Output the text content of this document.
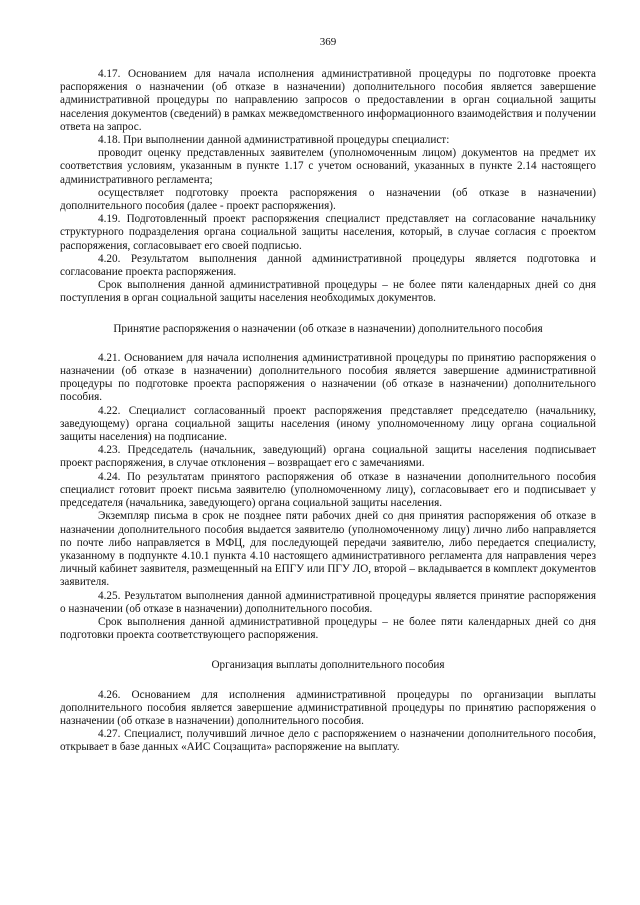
369

4.17. Основанием для начала исполнения административной процедуры по подготовке проекта распоряжения о назначении (об отказе в назначении) дополнительного пособия является завершение административной процедуры по направлению запросов о предоставлении в орган социальной защиты населения документов (сведений) в рамках межведомственного информационного взаимодействия и получении ответа на запрос.

4.18. При выполнении данной административной процедуры специалист:

проводит оценку представленных заявителем (уполномоченным лицом) документов на предмет их соответствия условиям, указанным в пункте 1.17 с учетом оснований, указанных в пункте 2.14 настоящего административного регламента;

осуществляет подготовку проекта распоряжения о назначении (об отказе в назначении) дополнительного пособия (далее - проект распоряжения).

4.19. Подготовленный проект распоряжения специалист представляет на согласование начальнику структурного подразделения органа социальной защиты населения, который, в случае согласия с проектом распоряжения, согласовывает его своей подписью.

4.20. Результатом выполнения данной административной процедуры является подготовка и согласование проекта распоряжения.

Срок выполнения данной административной процедуры – не более пяти календарных дней со дня поступления в орган социальной защиты населения необходимых документов.

Принятие распоряжения о назначении (об отказе в назначении) дополнительного пособия

4.21. Основанием для начала исполнения административной процедуры по принятию распоряжения о назначении (об отказе в назначении) дополнительного пособия является завершение административной процедуры по подготовке проекта распоряжения о назначении (об отказе в назначении) дополнительного пособия.

4.22. Специалист согласованный проект распоряжения представляет председателю (начальнику, заведующему) органа социальной защиты населения (иному уполномоченному лицу органа социальной защиты населения) на подписание.

4.23. Председатель (начальник, заведующий) органа социальной защиты населения подписывает проект распоряжения, в случае отклонения – возвращает его с замечаниями.

4.24. По результатам принятого распоряжения об отказе в назначении дополнительного пособия специалист готовит проект письма заявителю (уполномоченному лицу), согласовывает его и подписывает у председателя (начальника, заведующего) органа социальной защиты населения.

Экземпляр письма в срок не позднее пяти рабочих дней со дня принятия распоряжения об отказе в назначении дополнительного пособия выдается заявителю (уполномоченному лицу) лично либо направляется по почте либо направляется в МФЦ, для последующей передачи заявителю, либо передается специалисту, указанному в подпункте 4.10.1 пункта 4.10 настоящего административного регламента для направления через личный кабинет заявителя, размещенный на ЕПГУ или ПГУ ЛО, второй – вкладывается в комплект документов заявителя.

4.25. Результатом выполнения данной административной процедуры является принятие распоряжения о назначении (об отказе в назначении) дополнительного пособия.

Срок выполнения данной административной процедуры – не более пяти календарных дней со дня подготовки проекта соответствующего распоряжения.

Организация выплаты дополнительного пособия

4.26. Основанием для исполнения административной процедуры по организации выплаты дополнительного пособия является завершение административной процедуры по принятию распоряжения о назначении (об отказе в назначении) дополнительного пособия.

4.27. Специалист, получивший личное дело с распоряжением о назначении дополнительного пособия, открывает в базе данных «АИС Соцзащита» распоряжение на выплату.
